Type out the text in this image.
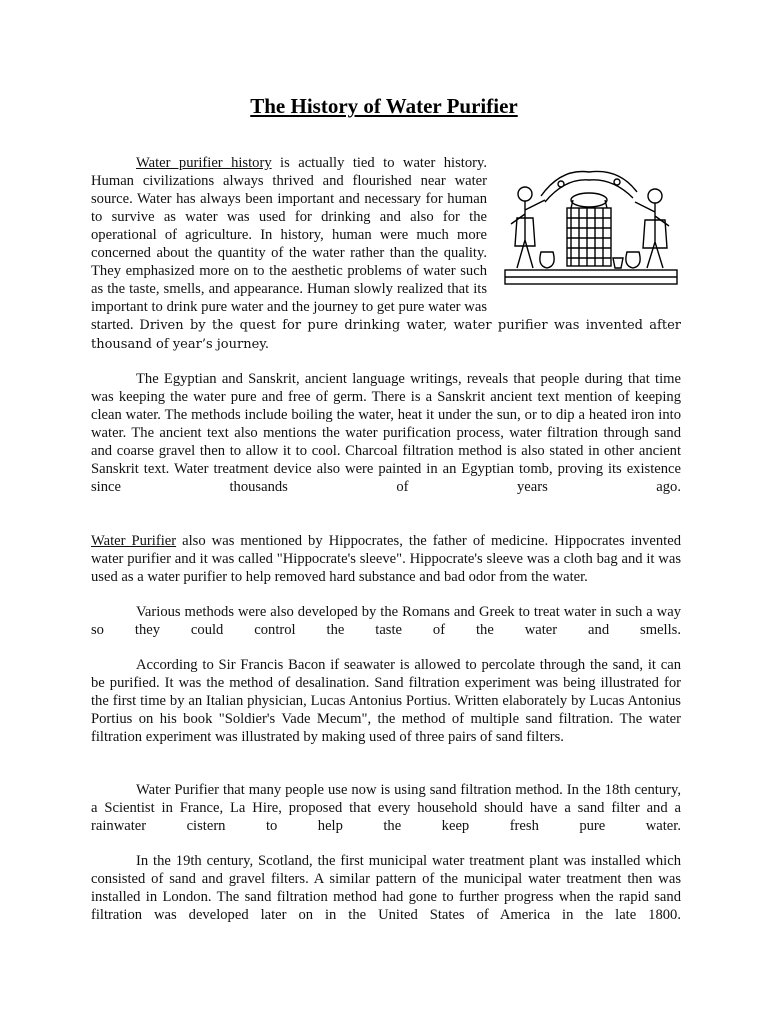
The History of Water Purifier
Water purifier history is actually tied to water history. Human civilizations always thrived and flourished near water source. Water has always been important and necessary for human to survive as water was used for drinking and also for the operational of agriculture. In history, human were much more concerned about the quantity of the water rather than the quality. They emphasized more on to the aesthetic problems of water such as the taste, smells, and appearance. Human slowly realized that its important to drink pure water and the journey to get pure water was started. Driven by the quest for pure drinking water, water purifier was invented after thousand of year’s journey.
The Egyptian and Sanskrit, ancient language writings, reveals that people during that time was keeping the water pure and free of germ. There is a Sanskrit ancient text mention of keeping clean water. The methods include boiling the water, heat it under the sun, or to dip a heated iron into water. The ancient text also mentions the water purification process, water filtration through sand and coarse gravel then to allow it to cool. Charcoal filtration method is also stated in other ancient Sanskrit text. Water treatment device also were painted in an Egyptian tomb, proving its existence since thousands of years ago.
Water Purifier also was mentioned by Hippocrates, the father of medicine. Hippocrates invented water purifier and it was called "Hippocrate's sleeve". Hippocrate's sleeve was a cloth bag and it was used as a water purifier to help removed hard substance and bad odor from the water.
Various methods were also developed by the Romans and Greek to treat water in such a way so they could control the taste of the water and smells.
According to Sir Francis Bacon if seawater is allowed to percolate through the sand, it can be purified. It was the method of desalination. Sand filtration experiment was being illustrated for the first time by an Italian physician, Lucas Antonius Portius. Written elaborately by Lucas Antonius Portius on his book "Soldier's Vade Mecum", the method of multiple sand filtration. The water filtration experiment was illustrated by making used of three pairs of sand filters.
Water Purifier that many people use now is using sand filtration method. In the 18th century, a Scientist in France, La Hire, proposed that every household should have a sand filter and a rainwater cistern to help the keep fresh pure water.
In the 19th century, Scotland, the first municipal water treatment plant was installed which consisted of sand and gravel filters. A similar pattern of the municipal water treatment then was installed in London. The sand filtration method had gone to further progress when the rapid sand filtration was developed later on in the United States of America in the late 1800.
